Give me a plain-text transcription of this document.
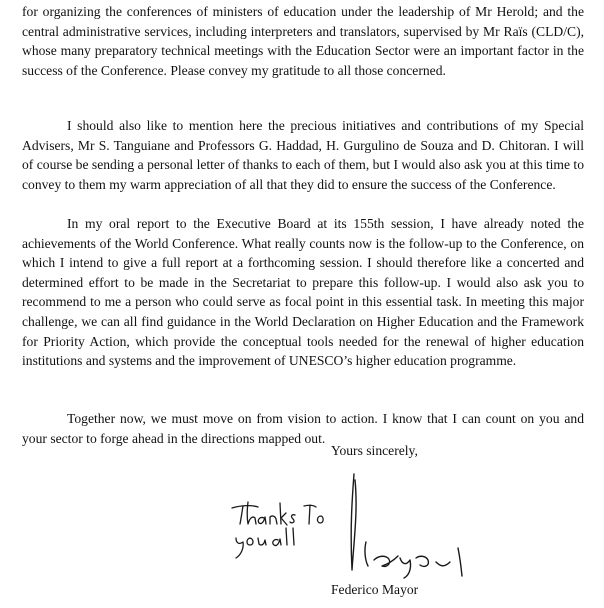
for organizing the conferences of ministers of education under the leadership of Mr Herold; and the central administrative services, including interpreters and translators, supervised by Mr Raïs (CLD/C), whose many preparatory technical meetings with the Education Sector were an important factor in the success of the Conference. Please convey my gratitude to all those concerned.

I should also like to mention here the precious initiatives and contributions of my Special Advisers, Mr S. Tanguiane and Professors G. Haddad, H. Gurgulino de Souza and D. Chitoran. I will of course be sending a personal letter of thanks to each of them, but I would also ask you at this time to convey to them my warm appreciation of all that they did to ensure the success of the Conference.

In my oral report to the Executive Board at its 155th session, I have already noted the achievements of the World Conference. What really counts now is the follow-up to the Conference, on which I intend to give a full report at a forthcoming session. I should therefore like a concerted and determined effort to be made in the Secretariat to prepare this follow-up. I would also ask you to recommend to me a person who could serve as focal point in this essential task. In meeting this major challenge, we can all find guidance in the World Declaration on Higher Education and the Framework for Priority Action, which provide the conceptual tools needed for the renewal of higher education institutions and systems and the improvement of UNESCO’s higher education programme.

Together now, we must move on from vision to action. I know that I can count on you and your sector to forge ahead in the directions mapped out.

Yours sincerely,

Federico Mayor
